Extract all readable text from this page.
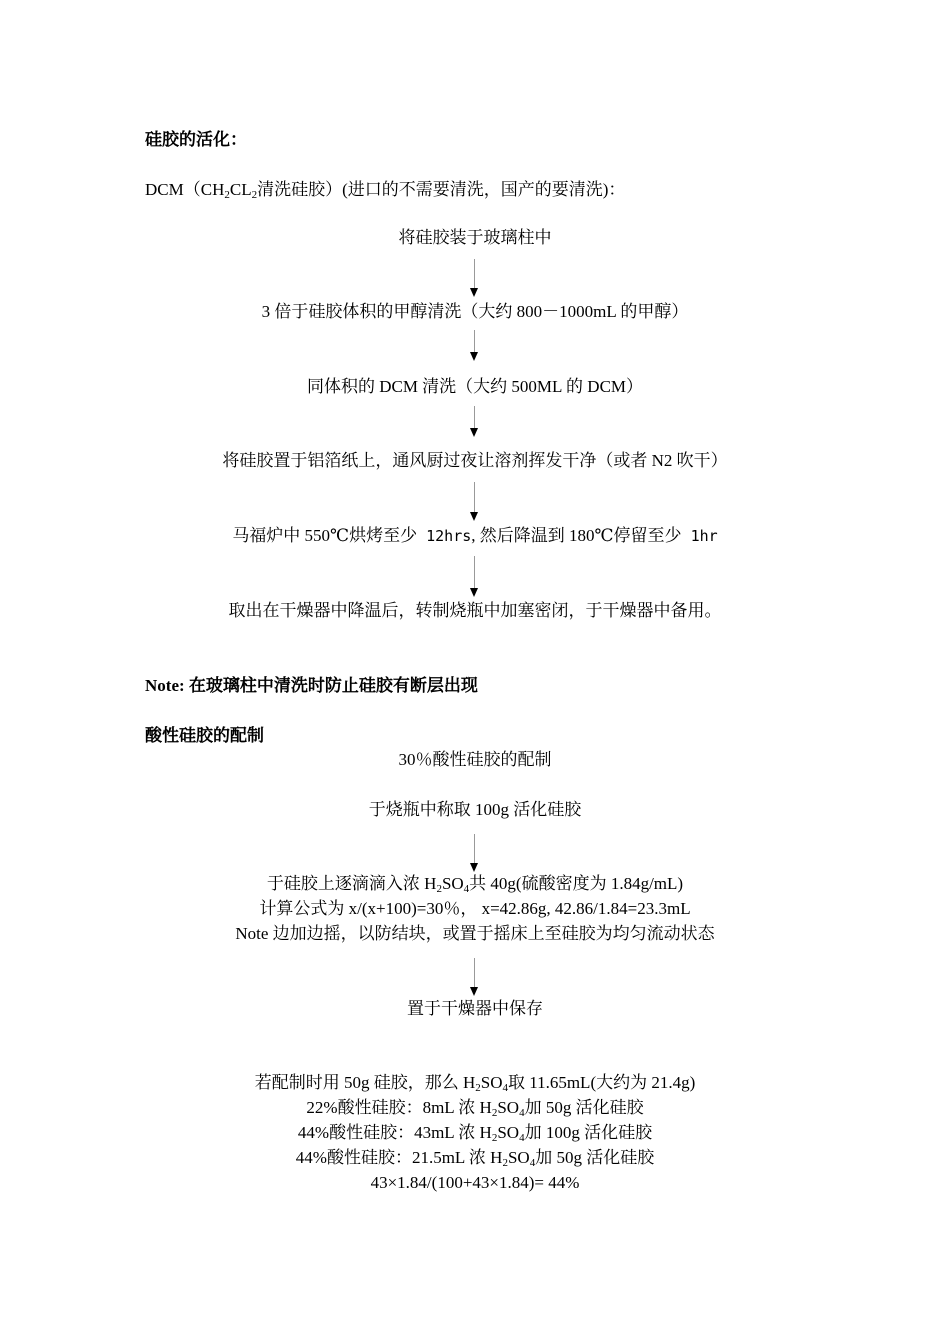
硅胶的活化：
$DCM(CH_2CL_2$清洗硅胶）(进口的不需要清洗，国产的要清洗)：
将硅胶装于玻璃柱中
3 倍于硅胶体积的甲醇清洗（大约 800－1000mL 的甲醇）
同体积的 DCM 清洗（大约 500ML 的 DCM）
将硅胶置于铝箔纸上，通风厨过夜让溶剂挥发干净（或者 N2 吹干）
马福炉中 550℃烘烤至少 12hrs, 然后降温到 180℃停留至少 1hr
取出在干燥器中降温后，转制烧瓶中加塞密闭，于干燥器中备用。
Note: 在玻璃柱中清洗时防止硅胶有断层出现
酸性硅胶的配制
30％酸性硅胶的配制
于烧瓶中称取 100g 活化硅胶
于硅胶上逐滴滴入浓 $H_2SO_4$共 40g(硫酸密度为 1.84g/mL)
计算公式为 x/(x+100)=30％， x=42.86g, 42.86/1.84=23.3mL
Note 边加边摇，以防结块，或置于摇床上至硅胶为均匀流动状态
置于干燥器中保存
若配制时用 50g 硅胶，那么 $H_2SO_4$取 11.65mL(大约为 21.4g)
22%酸性硅胶：8mL 浓 $H_2SO_4$加 50g 活化硅胶
44%酸性硅胶：43mL 浓 $H_2SO_4$加 100g 活化硅胶
44%酸性硅胶：21.5mL 浓 $H_2SO_4$加 50g 活化硅胶
43×1.84/(100+43×1.84)= 44%
